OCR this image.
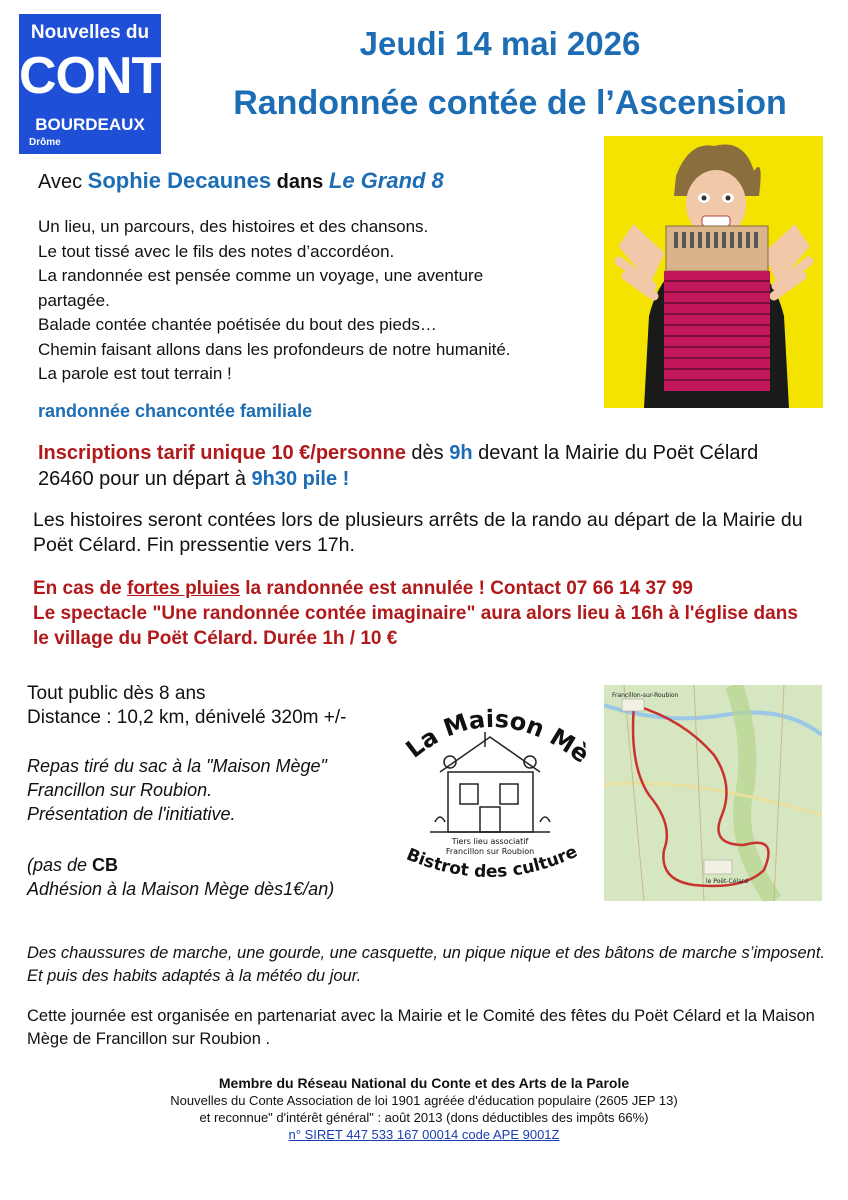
Nouvelles du
CONTE
BOURDEAUX
Drôme
Jeudi 14 mai 2026
Randonnée contée de l’Ascension
Avec Sophie Decaunes dans Le Grand 8
Un lieu, un parcours, des histoires et des chansons.
Le tout tissé avec le fils des notes d’accordéon.
La randonnée est pensée comme un voyage, une aventure
partagée.
Balade contée chantée poétisée du bout des pieds…
Chemin faisant allons dans les profondeurs de notre humanité.
La parole est tout terrain !
randonnée chancontée familiale
Inscriptions tarif unique 10 €/personne dès 9h devant la Mairie du Poët Célard 26460 pour un départ à 9h30 pile !
Les histoires seront contées lors de plusieurs arrêts de la rando au départ de la Mairie du Poët Célard. Fin pressentie vers 17h.
En cas de fortes pluies la randonnée est annulée ! Contact 07 66 14 37 99
Le spectacle "Une randonnée contée imaginaire" aura alors lieu à 16h à l'église dans le village du Poët Célard. Durée 1h / 10 €
Tout public dès 8 ans
Distance : 10,2 km, dénivelé 320m +/-
Repas tiré du sac à la "Maison Mège"
Francillon sur Roubion.
Présentation de l'initiative.
(pas de CB
Adhésion à la Maison Mège dès1€/an)
La Maison Mè
Tiers lieu associatif
Francillon sur Roubion
Bistrot des culture
Francillon-sur-Roubion
le Poët-Célard
Des chaussures de marche, une gourde, une casquette, un pique nique et des bâtons de marche s’imposent. Et puis des habits adaptés à la météo du jour.
Cette journée est organisée en partenariat avec la Mairie et le Comité des fêtes du Poët Célard et la Maison Mège de Francillon sur Roubion .
Membre du Réseau National du Conte et des Arts de la Parole
Nouvelles du Conte Association de loi 1901 agréée d'éducation populaire (2605 JEP 13)
et reconnue" d'intérêt général" : août 2013 (dons déductibles des impôts 66%)
n° SIRET 447 533 167 00014 code APE 9001Z
